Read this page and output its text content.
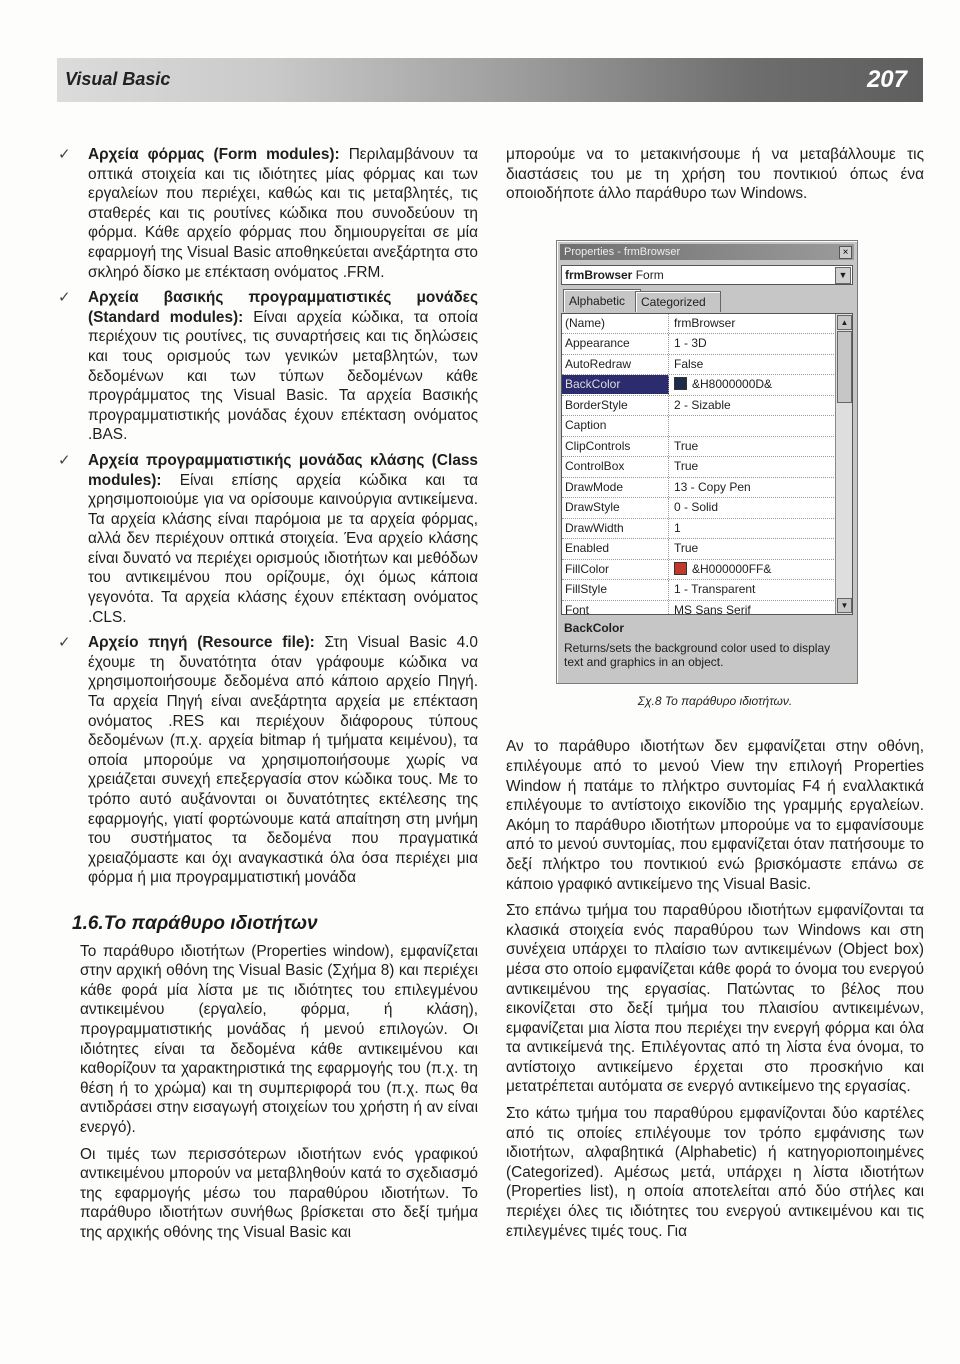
Visual Basic	207
✓ Αρχεία φόρμας (Form modules): Περιλαμβάνουν τα οπτικά στοιχεία και τις ιδιότητες μίας φόρμας και των εργαλείων που περιέχει, καθώς και τις μεταβλητές, τις σταθερές και τις ρουτίνες κώδικα που συνοδεύουν τη φόρμα. Κάθε αρχείο φόρμας που δημιουργείται σε μία εφαρμογή της Visual Basic αποθηκεύεται ανεξάρτητα στο σκληρό δίσκο με επέκταση ονόματος .FRM.
✓ Αρχεία βασικής προγραμματιστικές μονάδες (Standard modules): Είναι αρχεία κώδικα, τα οποία περιέχουν τις ρουτίνες, τις συναρτήσεις και τις δηλώσεις και τους ορισμούς των γενικών μεταβλητών, των δεδομένων και των τύπων δεδομένων κάθε προγράμματος της Visual Basic. Τα αρχεία Βασικής προγραμματιστικής μονάδας έχουν επέκταση ονόματος .BAS.
✓ Αρχεία προγραμματιστικής μονάδας κλάσης (Class modules): Είναι επίσης αρχεία κώδικα και τα χρησιμοποιούμε για να ορίσουμε καινούργια αντικείμενα. Τα αρχεία κλάσης είναι παρόμοια με τα αρχεία φόρμας, αλλά δεν περιέχουν οπτικά στοιχεία. Ένα αρχείο κλάσης είναι δυνατό να περιέχει ορισμούς ιδιοτήτων και μεθόδων του αντικειμένου που ορίζουμε, όχι όμως κάποια γεγονότα. Τα αρχεία κλάσης έχουν επέκταση ονόματος .CLS.
✓ Αρχείο πηγή (Resource file): Στη Visual Basic 4.0 έχουμε τη δυνατότητα όταν γράφουμε κώδικα να χρησιμοποιήσουμε δεδομένα από κάποιο αρχείο Πηγή. Τα αρχεία Πηγή είναι ανεξάρτητα αρχεία με επέκταση ονόματος .RES και περιέχουν διάφορους τύπους δεδομένων (π.χ. αρχεία bitmap ή τμήματα κειμένου), τα οποία μπορούμε να χρησιμοποιήσουμε χωρίς να χρειάζεται συνεχή επεξεργασία στον κώδικα τους. Με το τρόπο αυτό αυξάνονται οι δυνατότητες εκτέλεσης της εφαρμογής, γιατί φορτώνουμε κατά απαίτηση στη μνήμη του συστήματος τα δεδομένα που πραγματικά χρειαζόμαστε και όχι αναγκαστικά όλα όσα περιέχει μια φόρμα ή μια προγραμματιστική μονάδα
1.6.Το παράθυρο ιδιοτήτων

Το παράθυρο ιδιοτήτων (Properties window), εμφανίζεται στην αρχική οθόνη της Visual Basic (Σχήμα 8) και περιέχει κάθε φορά μία λίστα με τις ιδιότητες του επιλεγμένου αντικειμένου (εργαλείο, φόρμα, ή κλάση), προγραμματιστικής μονάδας ή μενού επιλογών. Οι ιδιότητες είναι τα δεδομένα κάθε αντικειμένου και καθορίζουν τα χαρακτηριστικά της εφαρμογής του (π.χ. τη θέση ή το χρώμα) και τη συμπεριφορά του (π.χ. πως θα αντιδράσει στην εισαγωγή στοιχείων του χρήστη ή αν είναι ενεργό).

Οι τιμές των περισσότερων ιδιοτήτων ενός γραφικού αντικειμένου μπορούν να μεταβληθούν κατά το σχεδιασμό της εφαρμογής μέσω του παραθύρου ιδιοτήτων. Το παράθυρο ιδιοτήτων συνήθως βρίσκεται στο δεξί τμήμα της αρχικής οθόνης της Visual Basic και

μπορούμε να το μετακινήσουμε ή να μεταβάλλουμε τις διαστάσεις του με τη χρήση του ποντικιού όπως ένα οποιοδήποτε άλλο παράθυρο των Windows.

Properties - frmBrowser	×
frmBrowser Form	▼
Alphabetic	Categorized
(Name)	frmBrowser
Appearance	1 - 3D
AutoRedraw	False
BackColor	&H8000000D&
BorderStyle	2 - Sizable
Caption
ClipControls	True
ControlBox	True
DrawMode	13 - Copy Pen
DrawStyle	0 - Solid
DrawWidth	1
Enabled	True
FillColor	&H000000FF&
FillStyle	1 - Transparent
Font	MS Sans Serif
▲
▼
BackColor
Returns/sets the background color used to display text and graphics in an object.
Σχ.8 Το παράθυρο ιδιοτήτων.

Αν το παράθυρο ιδιοτήτων δεν εμφανίζεται στην οθόνη, επιλέγουμε από το μενού View την επιλογή Properties Window ή πατάμε το πλήκτρο συντομίας F4 ή εναλλακτικά επιλέγουμε το αντίστοιχο εικονίδιο της γραμμής εργαλείων. Ακόμη το παράθυρο ιδιοτήτων μπορούμε να το εμφανίσουμε από το μενού συντομίας, που εμφανίζεται όταν πατήσουμε το δεξί πλήκτρο του ποντικιού ενώ βρισκόμαστε επάνω σε κάποιο γραφικό αντικείμενο της Visual Basic.

Στο επάνω τμήμα του παραθύρου ιδιοτήτων εμφανίζονται τα κλασικά στοιχεία ενός παραθύρου των Windows και στη συνέχεια υπάρχει το πλαίσιο των αντικειμένων (Object box) μέσα στο οποίο εμφανίζεται κάθε φορά το όνομα του ενεργού αντικειμένου της εργασίας. Πατώντας το βέλος που εικονίζεται στο δεξί τμήμα του πλαισίου αντικειμένων, εμφανίζεται μια λίστα που περιέχει την ενεργή φόρμα και όλα τα αντικείμενά της. Επιλέγοντας από τη λίστα ένα όνομα, το αντίστοιχο αντικείμενο έρχεται στο προσκήνιο και μετατρέπεται αυτόματα σε ενεργό αντικείμενο της εργασίας.

Στο κάτω τμήμα του παραθύρου εμφανίζονται δύο καρτέλες από τις οποίες επιλέγουμε τον τρόπο εμφάνισης των ιδιοτήτων, αλφαβητικά (Alphabetic) ή κατηγοριοποιημένες (Categorized). Αμέσως μετά, υπάρχει η λίστα ιδιοτήτων (Properties list), η οποία αποτελείται από δύο στήλες και περιέχει όλες τις ιδιότητες του ενεργού αντικειμένου και τις επιλεγμένες τιμές τους. Για
